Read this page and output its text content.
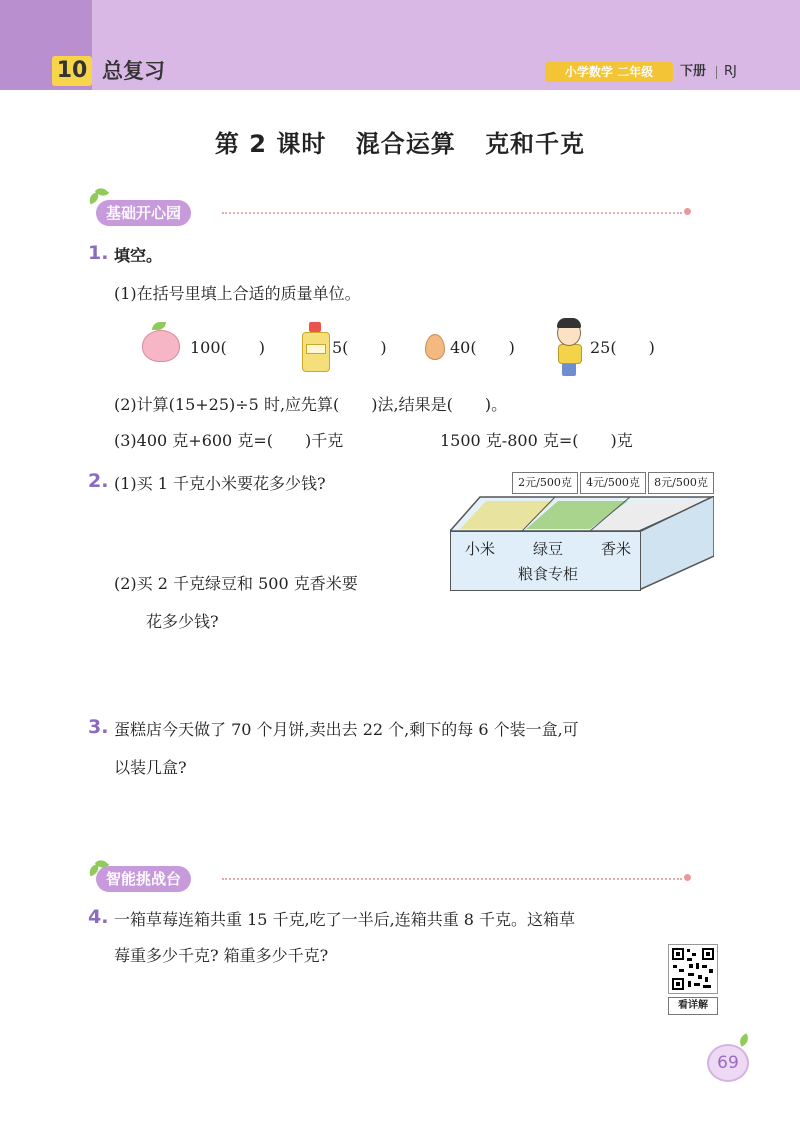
10 总复习	小学数学 二年级	下册 RJ
第 2 课时 混合运算 克和千克
基础开心园
1. 填空。
(1)在括号里填上合适的质量单位。
100(　　)	5(　　)	40(　　)	25(　　)
(2)计算(15+25)÷5 时,应先算(　　)法,结果是(　　)。
(3)400 克+600 克=(　　)千克	1500 克-800 克=(　　)克
2. (1)买 1 千克小米要花多少钱?
(2)买 2 千克绿豆和 500 克香米要
花多少钱?
2元/500克	4元/500克	8元/500克
小米	绿豆	香米
粮食专柜
3. 蛋糕店今天做了 70 个月饼,卖出去 22 个,剩下的每 6 个装一盒,可
以装几盒?
智能挑战台
4. 一箱草莓连箱共重 15 千克,吃了一半后,连箱共重 8 千克。这箱草
莓重多少千克? 箱重多少千克?
看详解
69
